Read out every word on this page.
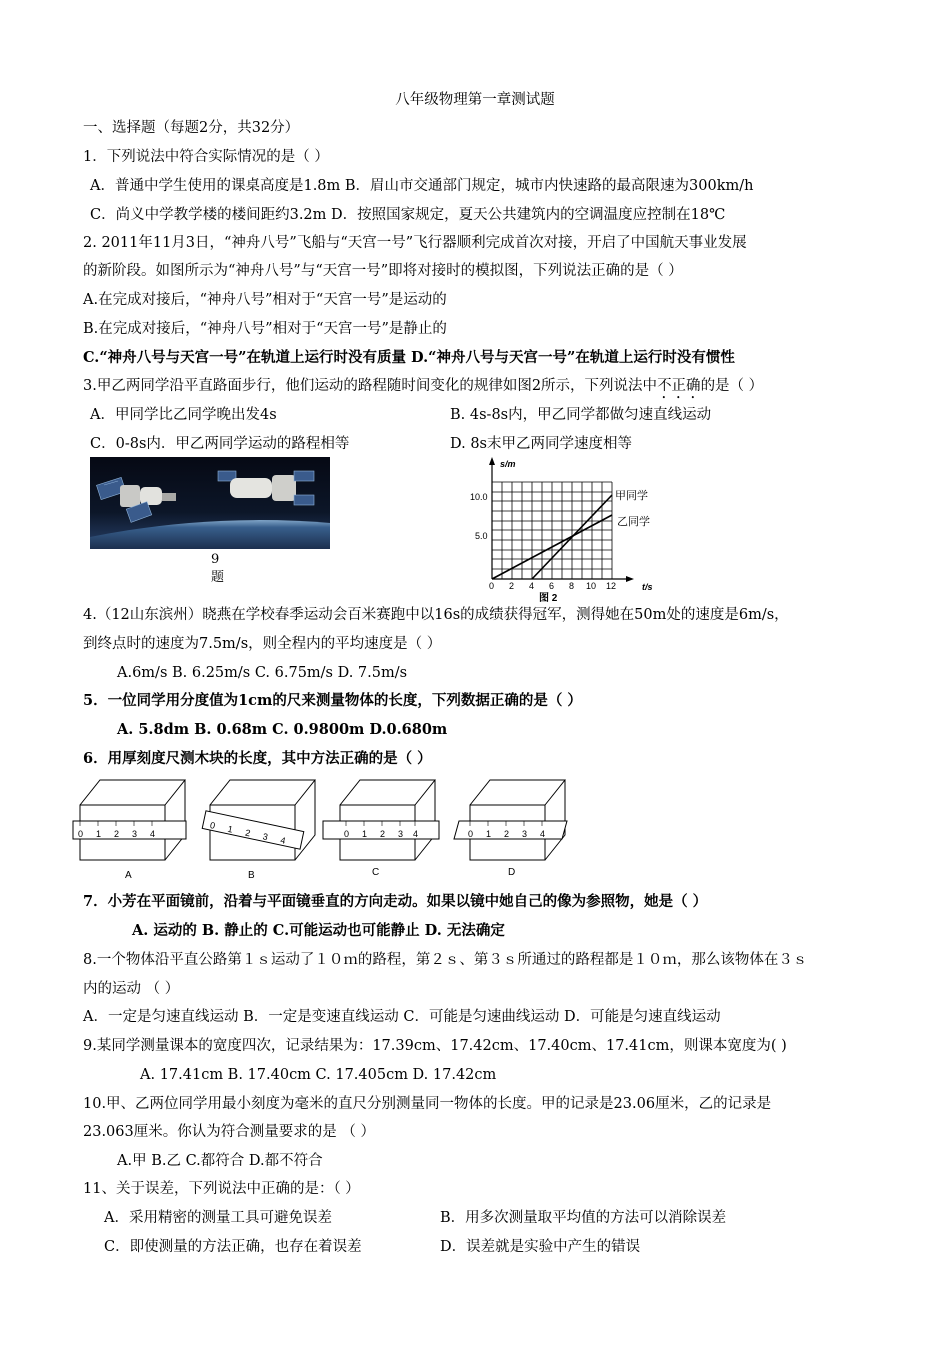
八年级物理第一章测试题
一、选择题（每题2分，共32分）
1．下列说法中符合实际情况的是（ ）
A．普通中学生使用的课桌高度是1.8m B．眉山市交通部门规定，城市内快速路的最高限速为300km/h
C．尚义中学教学楼的楼间距约3.2m D．按照国家规定，夏天公共建筑内的空调温度应控制在18℃
2. 2011年11月3日，“神舟八号”飞船与“天宫一号”飞行器顺利完成首次对接，开启了中国航天事业发展
的新阶段。如图所示为“神舟八号”与“天宫一号”即将对接时的模拟图，下列说法正确的是（ ）
A.在完成对接后，“神舟八号”相对于“天宫一号”是运动的
B.在完成对接后，“神舟八号”相对于“天宫一号”是静止的
C.“神舟八号与天宫一号”在轨道上运行时没有质量 D.“神舟八号与天宫一号”在轨道上运行时没有惯性
3.甲乙两同学沿平直路面步行，他们运动的路程随时间变化的规律如图2所示，下列说法中不正确的是（ ）
A．甲同学比乙同学晚出发4s	B. 4s-8s内，甲乙同学都做匀速直线运动
C．0-8s内．甲乙两同学运动的路程相等	D. 8s末甲乙两同学速度相等
9
题
s/m
10.0
5.0
0 2 4 6 8 10 12	t/s
甲同学
乙同学
图 2
4.（12山东滨州）晓燕在学校春季运动会百米赛跑中以16s的成绩获得冠军，测得她在50m处的速度是6m/s，
到终点时的速度为7.5m/s，则全程内的平均速度是（ ）
A.6m/s B. 6.25m/s C. 6.75m/s D. 7.5m/s
5．一位同学用分度值为1cm的尺来测量物体的长度，下列数据正确的是（ ）
A. 5.8dm B. 0.68m C. 0.9800m D.0.680m
6．用厚刻度尺测木块的长度，其中方法正确的是（ ）
0 1 2 3 4
0 1 2 3 4
0 1 2 3 4	0 1 2 3 4
A	B	C	D
7．小芳在平面镜前，沿着与平面镜垂直的方向走动。如果以镜中她自己的像为参照物，她是（ ）
A. 运动的 B. 静止的 C.可能运动也可能静止 D. 无法确定
8.一个物体沿平直公路第１ｓ运动了１０ｍ的路程，第２ｓ、第３ｓ所通过的路程都是１０ｍ，那么该物体在３ｓ
内的运动 （ ）
A．一定是匀速直线运动 B．一定是变速直线运动 C．可能是匀速曲线运动 D．可能是匀速直线运动
9.某同学测量课本的宽度四次，记录结果为：17.39cm、17.42cm、17.40cm、17.41cm，则课本宽度为( )
A. 17.41cm B. 17.40cm C. 17.405cm D. 17.42cm
10.甲、乙两位同学用最小刻度为毫米的直尺分别测量同一物体的长度。甲的记录是23.06厘米，乙的记录是
23.063厘米。你认为符合测量要求的是 （ ）
A.甲 B.乙 C.都符合 D.都不符合
11、关于误差，下列说法中正确的是：（ ）
A．采用精密的测量工具可避免误差	B．用多次测量取平均值的方法可以消除误差
C．即使测量的方法正确，也存在着误差	D．误差就是实验中产生的错误
